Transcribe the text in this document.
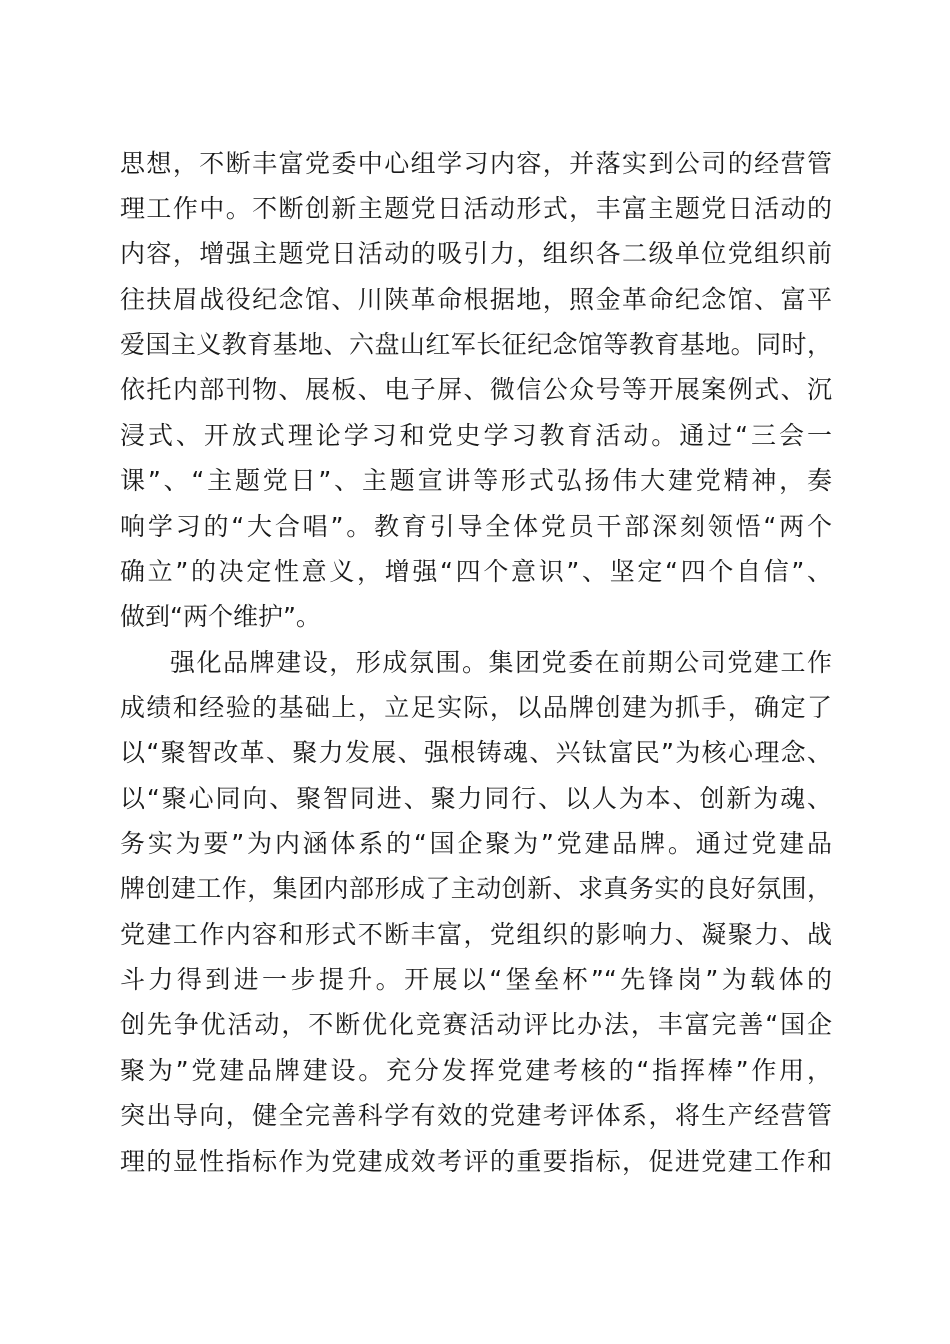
思想，不断丰富党委中心组学习内容，并落实到公司的经营管

理工作中。不断创新主题党日活动形式，丰富主题党日活动的

内容，增强主题党日活动的吸引力，组织各二级单位党组织前

往扶眉战役纪念馆、川陕革命根据地，照金革命纪念馆、富平

爱国主义教育基地、六盘山红军长征纪念馆等教育基地。同时，

依托内部刊物、展板、电子屏、微信公众号等开展案例式、沉

浸式、开放式理论学习和党史学习教育活动。通过“三会一

课”、“主题党日”、主题宣讲等形式弘扬伟大建党精神，奏

响学习的“大合唱”。教育引导全体党员干部深刻领悟“两个

确立”的决定性意义，增强“四个意识”、坚定“四个自信”、

做到“两个维护”。

强化品牌建设，形成氛围。集团党委在前期公司党建工作

成绩和经验的基础上，立足实际，以品牌创建为抓手，确定了

以“聚智改革、聚力发展、强根铸魂、兴钛富民”为核心理念、

以“聚心同向、聚智同进、聚力同行、以人为本、创新为魂、

务实为要”为内涵体系的“国企聚为”党建品牌。通过党建品

牌创建工作，集团内部形成了主动创新、求真务实的良好氛围，

党建工作内容和形式不断丰富，党组织的影响力、凝聚力、战

斗力得到进一步提升。开展以“堡垒杯”“先锋岗”为载体的

创先争优活动，不断优化竞赛活动评比办法，丰富完善“国企

聚为”党建品牌建设。充分发挥党建考核的“指挥棒”作用，

突出导向，健全完善科学有效的党建考评体系，将生产经营管

理的显性指标作为党建成效考评的重要指标，促进党建工作和
